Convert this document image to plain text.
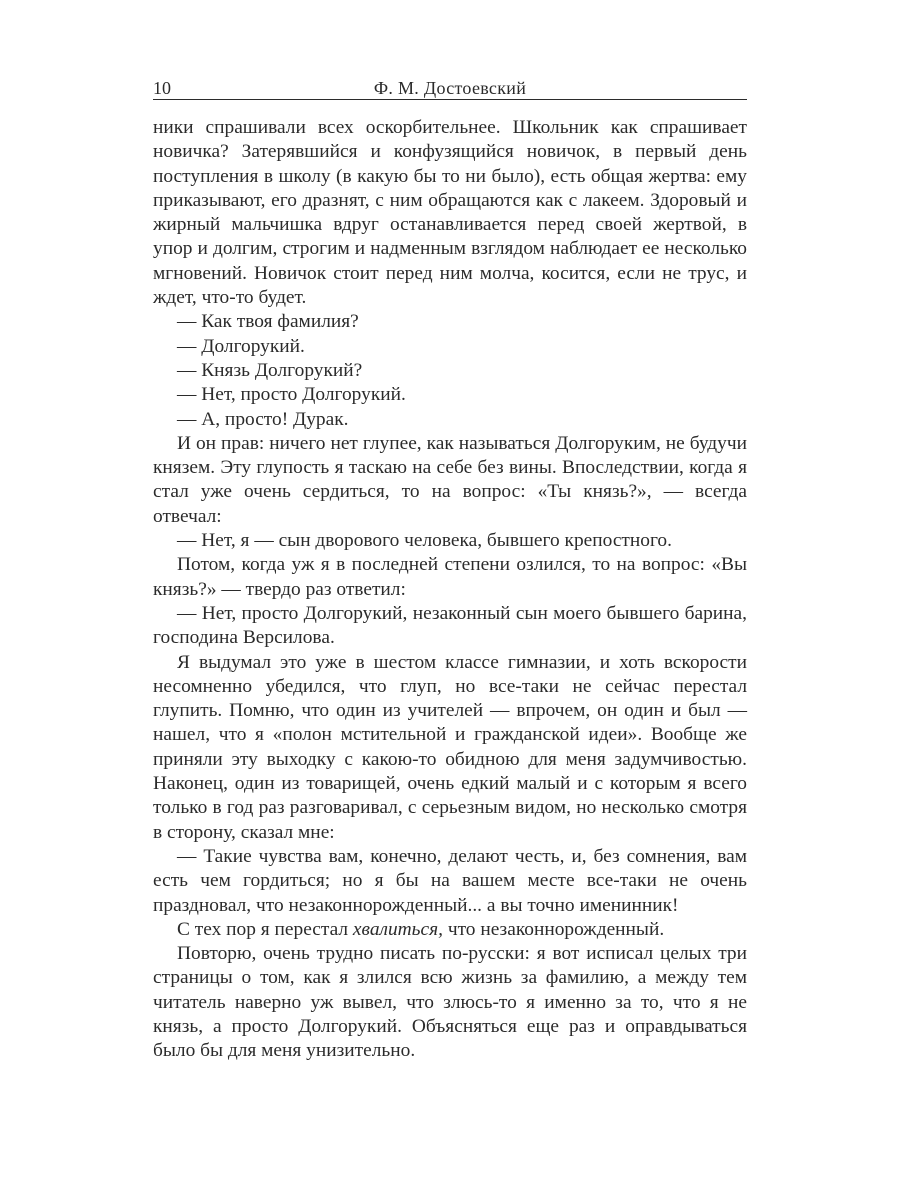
10	Ф. М. Достоевский

ники спрашивали всех оскорбительнее. Школьник как спрашивает новичка? Затерявшийся и конфузящийся новичок, в первый день поступления в школу (в какую бы то ни было), есть общая жертва: ему приказывают, его дразнят, с ним обращаются как с лакеем. Здоровый и жирный мальчишка вдруг останавливается перед своей жертвой, в упор и долгим, строгим и надменным взглядом наблюдает ее несколько мгновений. Новичок стоит перед ним молча, косится, если не трус, и ждет, что-то будет.

— Как твоя фамилия?

— Долгорукий.

— Князь Долгорукий?

— Нет, просто Долгорукий.

— А, просто! Дурак.

И он прав: ничего нет глупее, как называться Долгоруким, не будучи князем. Эту глупость я таскаю на себе без вины. Впоследствии, когда я стал уже очень сердиться, то на вопрос: «Ты князь?», — всегда отвечал:

— Нет, я — сын дворового человека, бывшего крепостного.

Потом, когда уж я в последней степени озлился, то на вопрос: «Вы князь?» — твердо раз ответил:

— Нет, просто Долгорукий, незаконный сын моего бывшего барина, господина Версилова.

Я выдумал это уже в шестом классе гимназии, и хоть вскорости несомненно убедился, что глуп, но все-таки не сейчас перестал глупить. Помню, что один из учителей — впрочем, он один и был — нашел, что я «полон мстительной и гражданской идеи». Вообще же приняли эту выходку с какою-то обидною для меня задумчивостью. Наконец, один из товарищей, очень едкий малый и с которым я всего только в год раз разговаривал, с серьезным видом, но несколько смотря в сторону, сказал мне:

— Такие чувства вам, конечно, делают честь, и, без сомнения, вам есть чем гордиться; но я бы на вашем месте все-таки не очень праздновал, что незаконнорожденный... а вы точно именинник!

С тех пор я перестал хвалиться, что незаконнорожденный.

Повторю, очень трудно писать по-русски: я вот исписал целых три страницы о том, как я злился всю жизнь за фамилию, а между тем читатель наверно уж вывел, что злюсь-то я именно за то, что я не князь, а просто Долгорукий. Объясняться еще раз и оправдываться было бы для меня унизительно.
